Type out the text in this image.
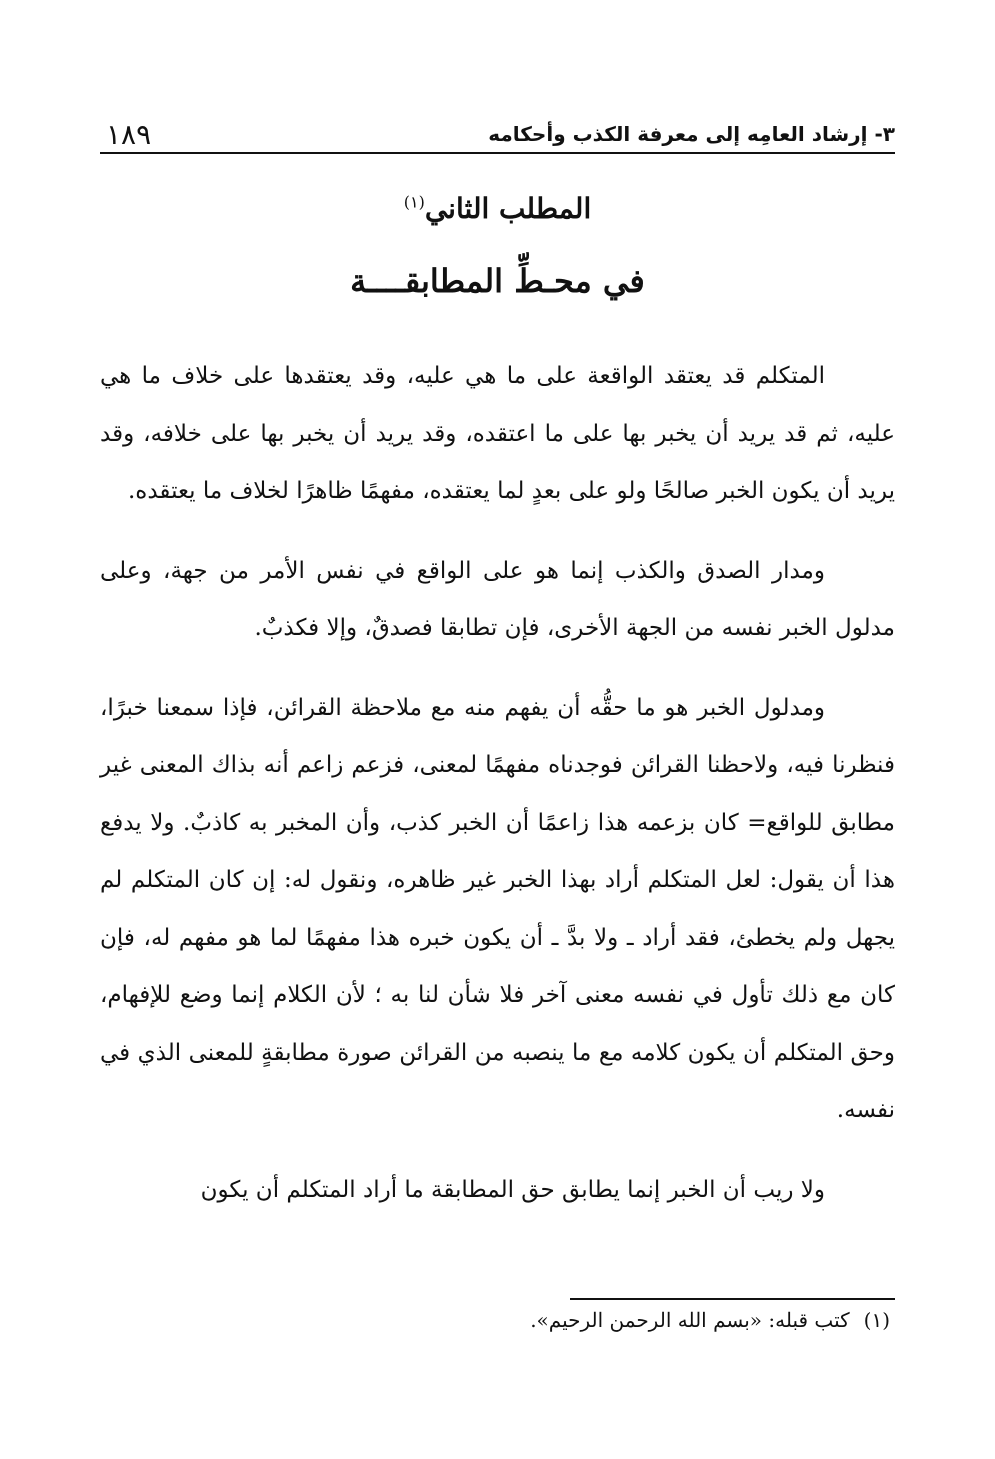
٣- إرشاد العامِه إلى معرفة الكذب وأحكامه
١٨٩
المطلب الثاني$^{(١)}$
في محـطِّ المطابقــــة

المتكلم قد يعتقد الواقعة على ما هي عليه، وقد يعتقدها على خلاف ما هي عليه، ثم قد يريد أن يخبر بها على ما اعتقده، وقد يريد أن يخبر بها على خلافه، وقد يريد أن يكون الخبر صالحًا ولو على بعدٍ لما يعتقده، مفهمًا ظاهرًا لخلاف ما يعتقده.

ومدار الصدق والكذب إنما هو على الواقع في نفس الأمر من جهة، وعلى مدلول الخبر نفسه من الجهة الأخرى، فإن تطابقا فصدقٌ، وإلا فكذبٌ.

ومدلول الخبر هو ما حقُّه أن يفهم منه مع ملاحظة القرائن، فإذا سمعنا خبرًا، فنظرنا فيه، ولاحظنا القرائن فوجدناه مفهمًا لمعنى، فزعم زاعم أنه بذاك المعنى غير مطابق للواقع= كان بزعمه هذا زاعمًا أن الخبر كذب، وأن المخبر به كاذبٌ. ولا يدفع هذا أن يقول: لعل المتكلم أراد بهذا الخبر غير ظاهره، ونقول له: إن كان المتكلم لم يجهل ولم يخطئ، فقد أراد ـ ولا بدَّ ـ أن يكون خبره هذا مفهمًا لما هو مفهم له، فإن كان مع ذلك تأول في نفسه معنى آخر فلا شأن لنا به ؛ لأن الكلام إنما وضع للإفهام، وحق المتكلم أن يكون كلامه مع ما ينصبه من القرائن صورة مطابقةٍ للمعنى الذي في نفسه.

ولا ريب أن الخبر إنما يطابق حق المطابقة ما أراد المتكلم أن يكون

(١)كتب قبله: «بسم الله الرحمن الرحيم».
